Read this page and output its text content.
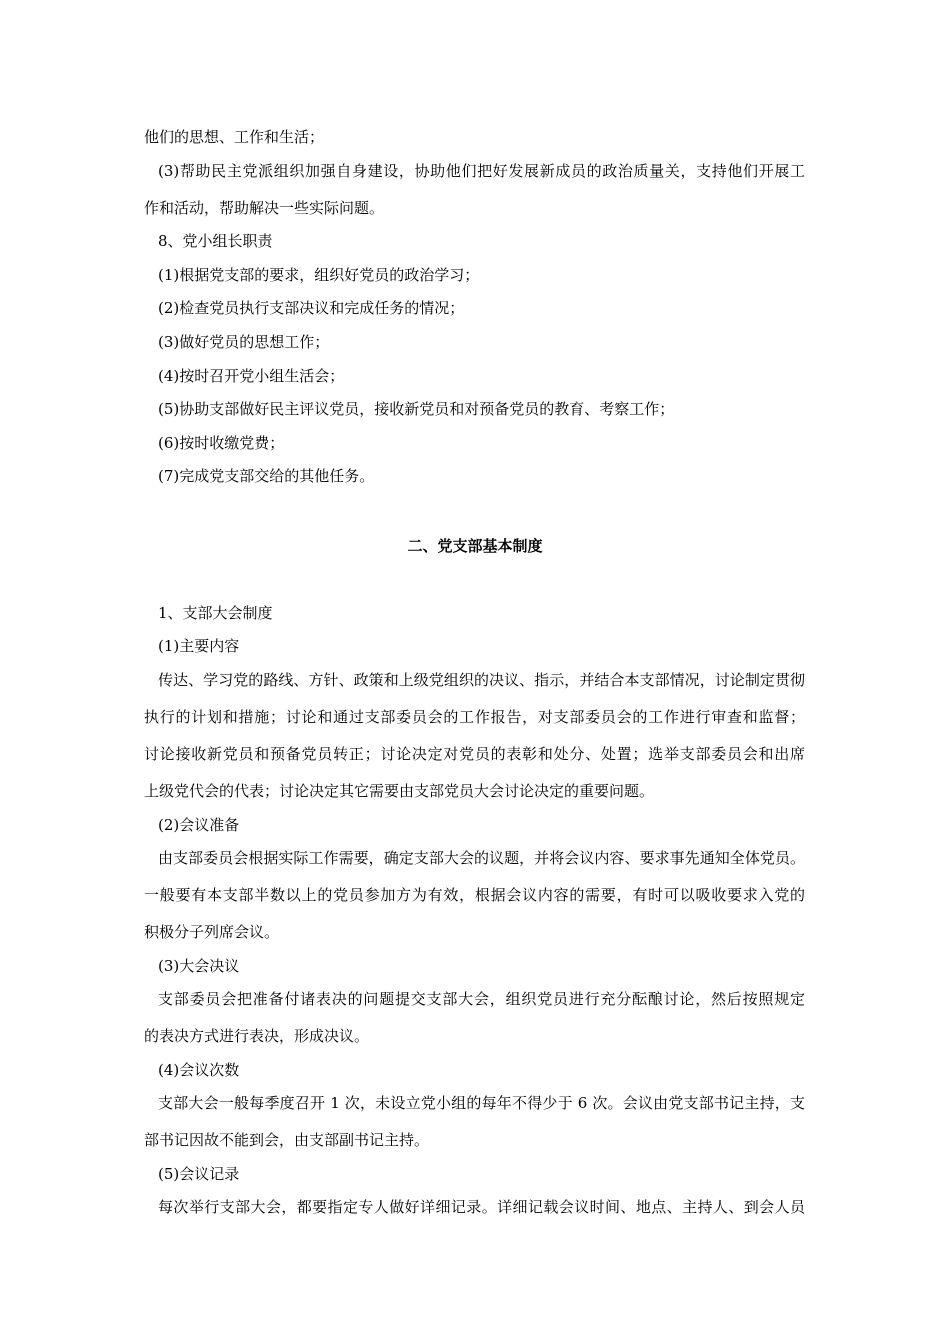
他们的思想、工作和生活；
(3)帮助民主党派组织加强自身建设，协助他们把好发展新成员的政治质量关，支持他们开展工
作和活动，帮助解决一些实际问题。
8、党小组长职责
(1)根据党支部的要求，组织好党员的政治学习；
(2)检查党员执行支部决议和完成任务的情况；
(3)做好党员的思想工作；
(4)按时召开党小组生活会；
(5)协助支部做好民主评议党员，接收新党员和对预备党员的教育、考察工作；
(6)按时收缴党费；
(7)完成党支部交给的其他任务。
二、党支部基本制度
1、支部大会制度
(1)主要内容
传达、学习党的路线、方针、政策和上级党组织的决议、指示，并结合本支部情况，讨论制定贯彻
执行的计划和措施；讨论和通过支部委员会的工作报告，对支部委员会的工作进行审查和监督；
讨论接收新党员和预备党员转正；讨论决定对党员的表彰和处分、处置；选举支部委员会和出席
上级党代会的代表；讨论决定其它需要由支部党员大会讨论决定的重要问题。
(2)会议准备
由支部委员会根据实际工作需要，确定支部大会的议题，并将会议内容、要求事先通知全体党员。
一般要有本支部半数以上的党员参加方为有效，根据会议内容的需要，有时可以吸收要求入党的
积极分子列席会议。
(3)大会决议
支部委员会把准备付诸表决的问题提交支部大会，组织党员进行充分酝酿讨论，然后按照规定
的表决方式进行表决，形成决议。
(4)会议次数
支部大会一般每季度召开 1 次，未设立党小组的每年不得少于 6 次。会议由党支部书记主持，支
部书记因故不能到会，由支部副书记主持。
(5)会议记录
每次举行支部大会，都要指定专人做好详细记录。详细记载会议时间、地点、主持人、到会人员
